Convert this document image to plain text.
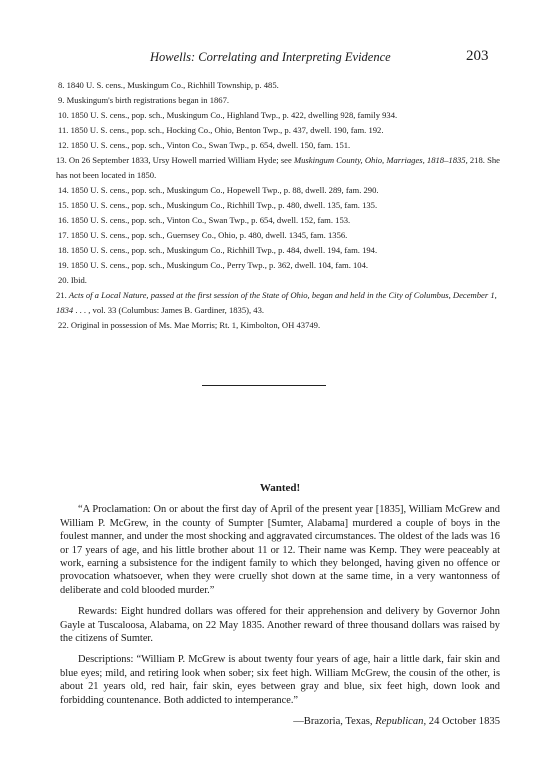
Howells: Correlating and Interpreting Evidence	203
8. 1840 U. S. cens., Muskingum Co., Richhill Township, p. 485.
9. Muskingum's birth registrations began in 1867.
10. 1850 U. S. cens., pop. sch., Muskingum Co., Highland Twp., p. 422, dwelling 928, family 934.
11. 1850 U. S. cens., pop. sch., Hocking Co., Ohio, Benton Twp., p. 437, dwell. 190, fam. 192.
12. 1850 U. S. cens., pop. sch., Vinton Co., Swan Twp., p. 654, dwell. 150, fam. 151.
13. On 26 September 1833, Ursy Howell married William Hyde; see Muskingum County, Ohio, Marriages, 1818–1835, 218. She has not been located in 1850.
14. 1850 U. S. cens., pop. sch., Muskingum Co., Hopewell Twp., p. 88, dwell. 289, fam. 290.
15. 1850 U. S. cens., pop. sch., Muskingum Co., Richhill Twp., p. 480, dwell. 135, fam. 135.
16. 1850 U. S. cens., pop. sch., Vinton Co., Swan Twp., p. 654, dwell. 152, fam. 153.
17. 1850 U. S. cens., pop. sch., Guernsey Co., Ohio, p. 480, dwell. 1345, fam. 1356.
18. 1850 U. S. cens., pop. sch., Muskingum Co., Richhill Twp., p. 484, dwell. 194, fam. 194.
19. 1850 U. S. cens., pop. sch., Muskingum Co., Perry Twp., p. 362, dwell. 104, fam. 104.
20. Ibid.
21. Acts of a Local Nature, passed at the first session of the State of Ohio, began and held in the City of Columbus, December 1, 1834 . . . , vol. 33 (Columbus: James B. Gardiner, 1835), 43.
22. Original in possession of Ms. Mae Morris; Rt. 1, Kimbolton, OH 43749.
Wanted!

“A Proclamation: On or about the first day of April of the present year [1835], William McGrew and William P. McGrew, in the county of Sumpter [Sumter, Alabama] murdered a couple of boys in the foulest manner, and under the most shocking and aggravated circumstances. The oldest of the lads was 16 or 17 years of age, and his little brother about 11 or 12. Their name was Kemp. They were peaceably at work, earning a subsistence for the indigent family to which they belonged, having given no offence or provocation whatsoever, when they were cruelly shot down at the same time, in a very wantonness of deliberate and cold blooded murder.”

Rewards: Eight hundred dollars was offered for their apprehension and delivery by Governor John Gayle at Tuscaloosa, Alabama, on 22 May 1835. Another reward of three thousand dollars was raised by the citizens of Sumter.

Descriptions: “William P. McGrew is about twenty four years of age, hair a little dark, fair skin and blue eyes; mild, and retiring look when sober; six feet high. William McGrew, the cousin of the other, is about 21 years old, red hair, fair skin, eyes between gray and blue, six feet high, down look and forbidding countenance. Both addicted to intemperance.”

—Brazoria, Texas, Republican, 24 October 1835
